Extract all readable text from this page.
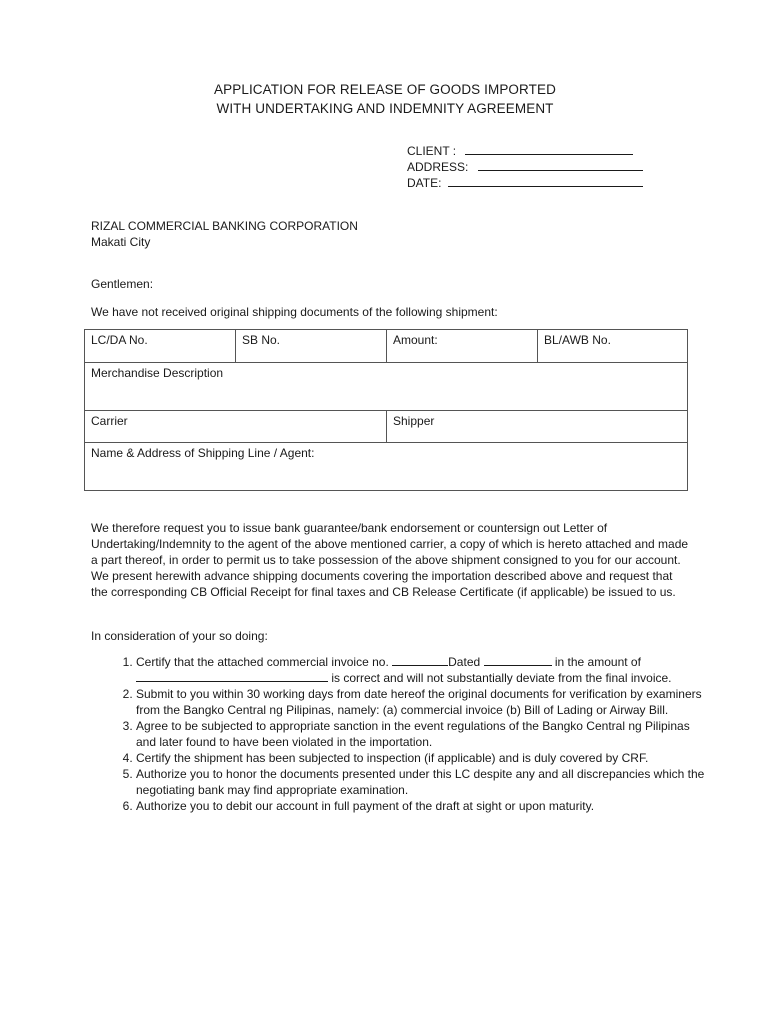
APPLICATION FOR RELEASE OF GOODS IMPORTED
WITH UNDERTAKING AND INDEMNITY AGREEMENT
CLIENT :
ADDRESS:
DATE:
RIZAL COMMERCIAL BANKING CORPORATION
Makati City
Gentlemen:
We have not received original shipping documents of the following shipment:
LC/DA No.	SB No.	Amount:	BL/AWB No.
Merchandise Description			
Carrier		Shipper	
Name & Address of Shipping Line / Agent:			
We therefore request you to issue bank guarantee/bank endorsement or countersign out Letter of Undertaking/Indemnity to the agent of the above mentioned carrier, a copy of which is hereto attached and made a part thereof, in order to permit us to take possession of the above shipment consigned to you for our account. We present herewith advance shipping documents covering the importation described above and request that the corresponding CB Official Receipt for final taxes and CB Release Certificate (if applicable) be issued to us.
In consideration of your so doing:
1. Certify that the attached commercial invoice no.	Dated	in the amount of  is correct and will not substantially deviate from the final invoice.
2. Submit to you within 30 working days from date hereof the original documents for verification by examiners from the Bangko Central ng Pilipinas, namely: (a) commercial invoice (b) Bill of Lading or Airway Bill.
3. Agree to be subjected to appropriate sanction in the event regulations of the Bangko Central ng Pilipinas and later found to have been violated in the importation.
4. Certify the shipment has been subjected to inspection (if applicable) and is duly covered by CRF.
5. Authorize you to honor the documents presented under this LC despite any and all discrepancies which the negotiating bank may find appropriate examination.
6. Authorize you to debit our account in full payment of the draft at sight or upon maturity.
